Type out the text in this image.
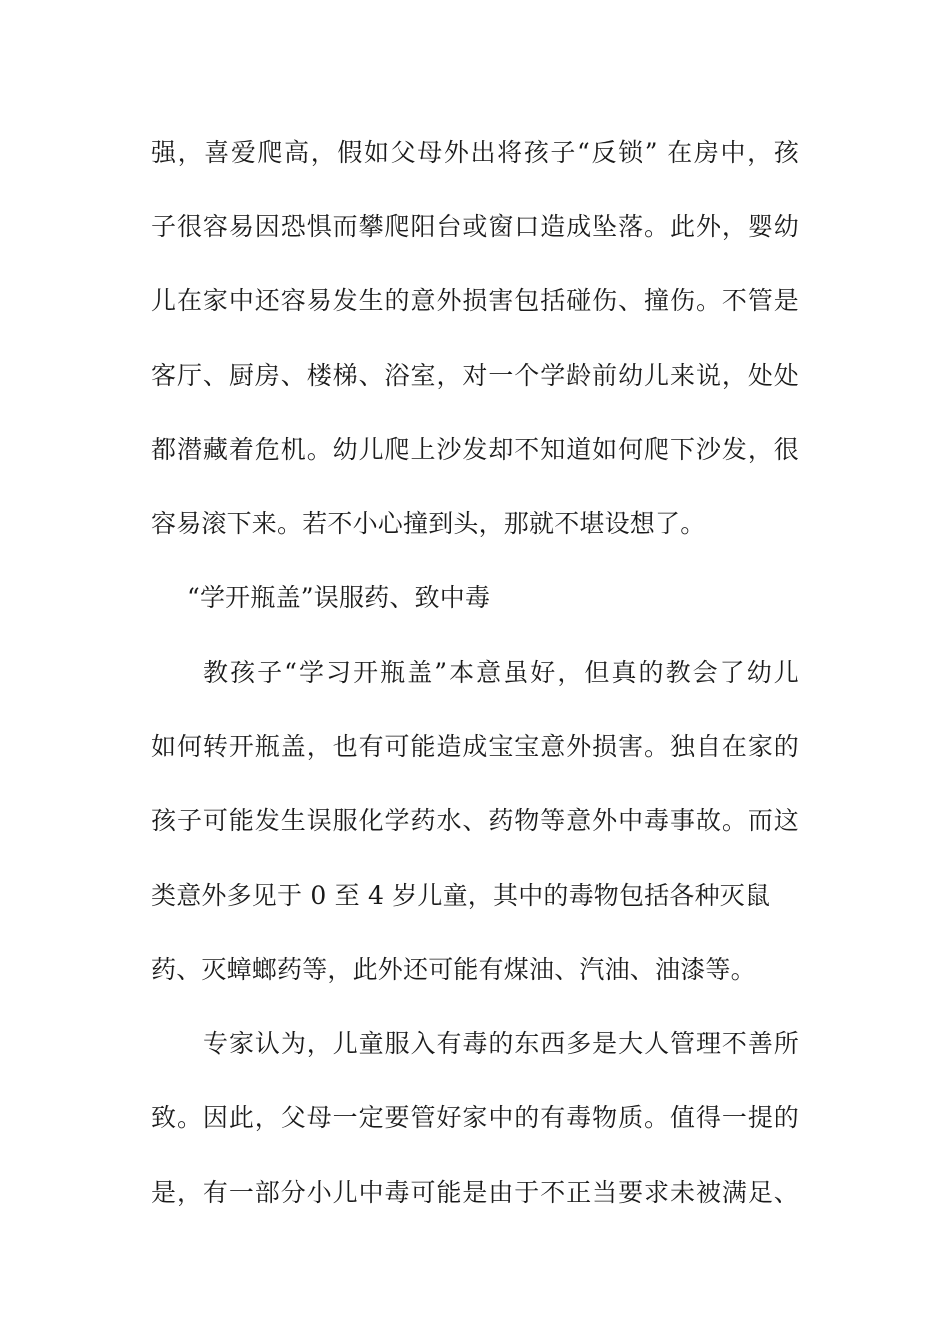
强，喜爱爬高，假如父母外出将孩子“反锁” 在房中，孩
子很容易因恐惧而攀爬阳台或窗口造成坠落。此外，婴幼
儿在家中还容易发生的意外损害包括碰伤、撞伤。不管是
客厅、厨房、楼梯、浴室，对一个学龄前幼儿来说，处处
都潜藏着危机。幼儿爬上沙发却不知道如何爬下沙发，很
容易滚下来。若不小心撞到头，那就不堪设想了。
“学开瓶盖”误服药、致中毒
教孩子“学习开瓶盖”本意虽好，但真的教会了幼儿
如何转开瓶盖，也有可能造成宝宝意外损害。独自在家的
孩子可能发生误服化学药水、药物等意外中毒事故。而这
类意外多见于 0 至 4 岁儿童，其中的毒物包括各种灭鼠
药、灭蟑螂药等，此外还可能有煤油、汽油、油漆等。
专家认为，儿童服入有毒的东西多是大人管理不善所
致。因此，父母一定要管好家中的有毒物质。值得一提的
是，有一部分小儿中毒可能是由于不正当要求未被满足、
